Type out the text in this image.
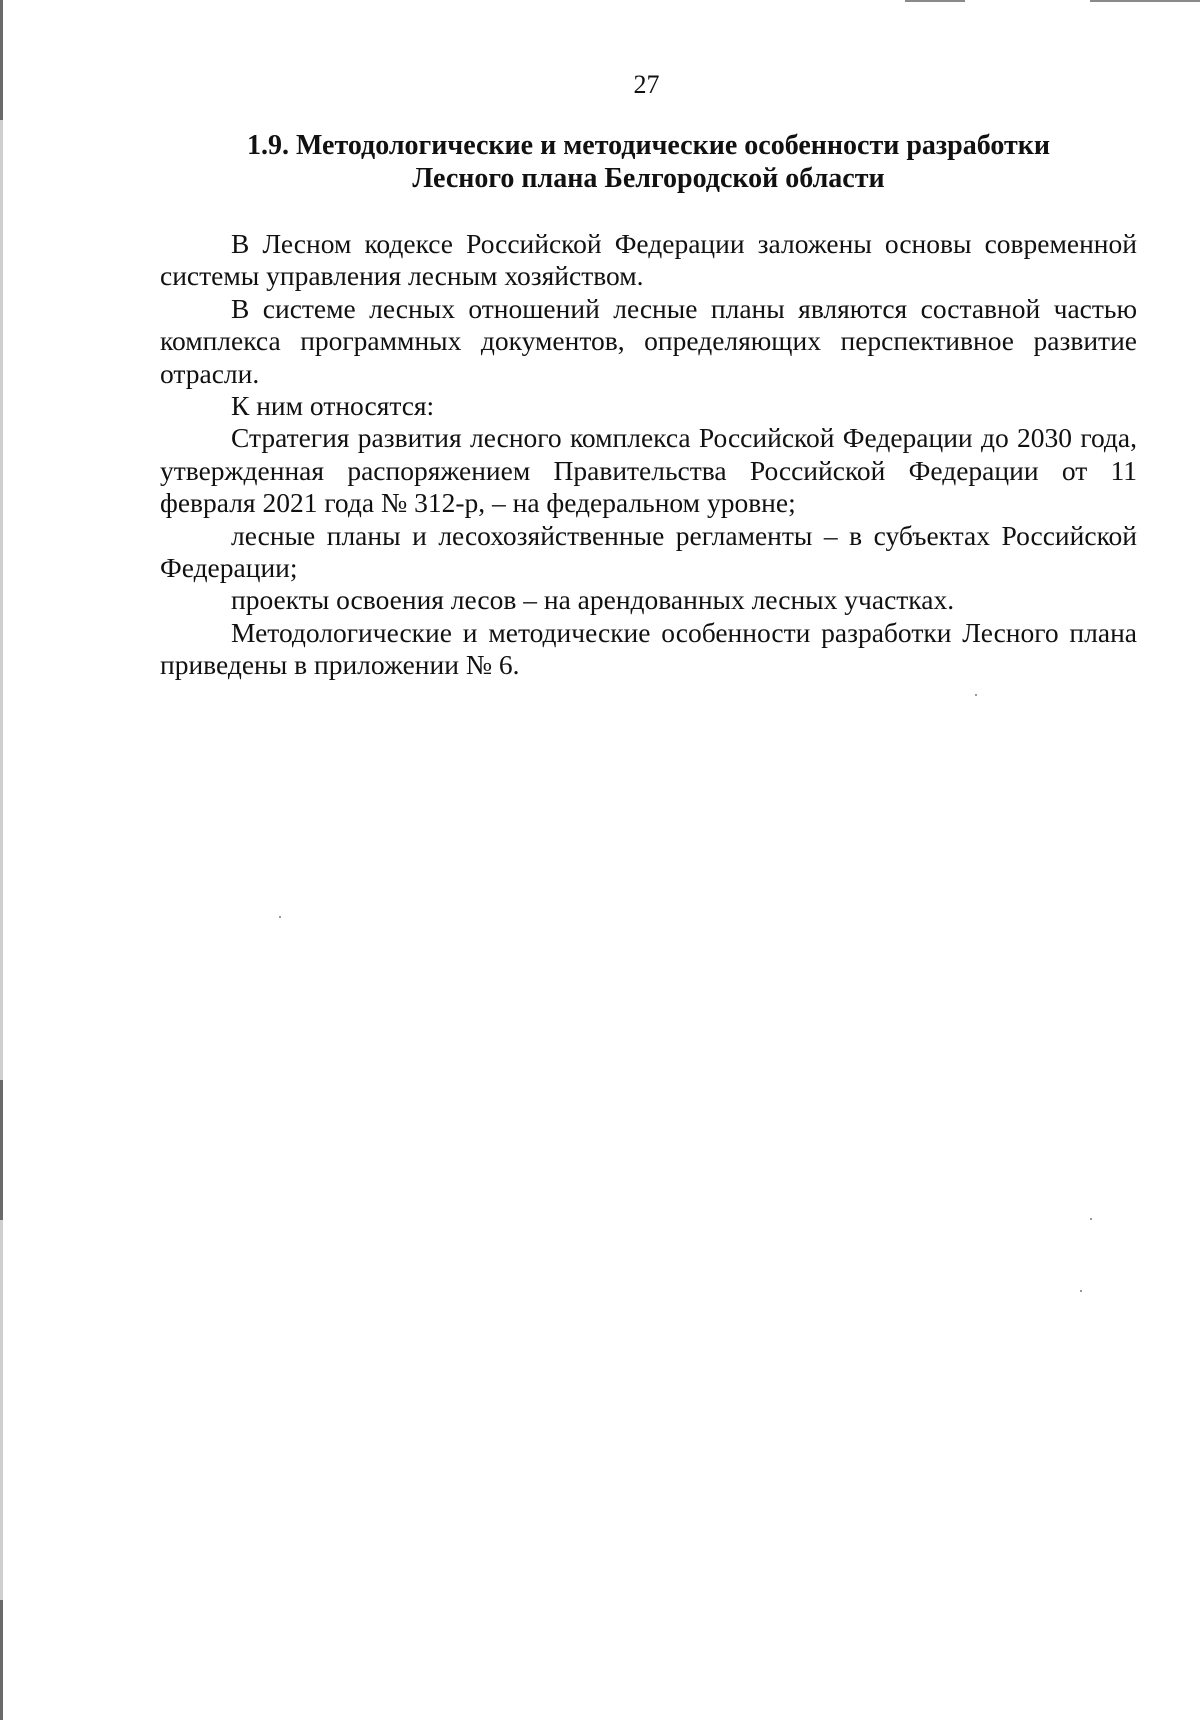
27
1.9. Методологические и методические особенности разработки
Лесного плана Белгородской области

В Лесном кодексе Российской Федерации заложены основы современной системы управления лесным хозяйством.

В системе лесных отношений лесные планы являются составной частью комплекса программных документов, определяющих перспективное развитие отрасли.

К ним относятся:

Стратегия развития лесного комплекса Российской Федерации до 2030 года, утвержденная распоряжением Правительства Российской Федерации от 11 февраля 2021 года № 312-р, – на федеральном уровне;

лесные планы и лесохозяйственные регламенты – в субъектах Российской Федерации;

проекты освоения лесов – на арендованных лесных участках.

Методологические и методические особенности разработки Лесного плана приведены в приложении № 6.
